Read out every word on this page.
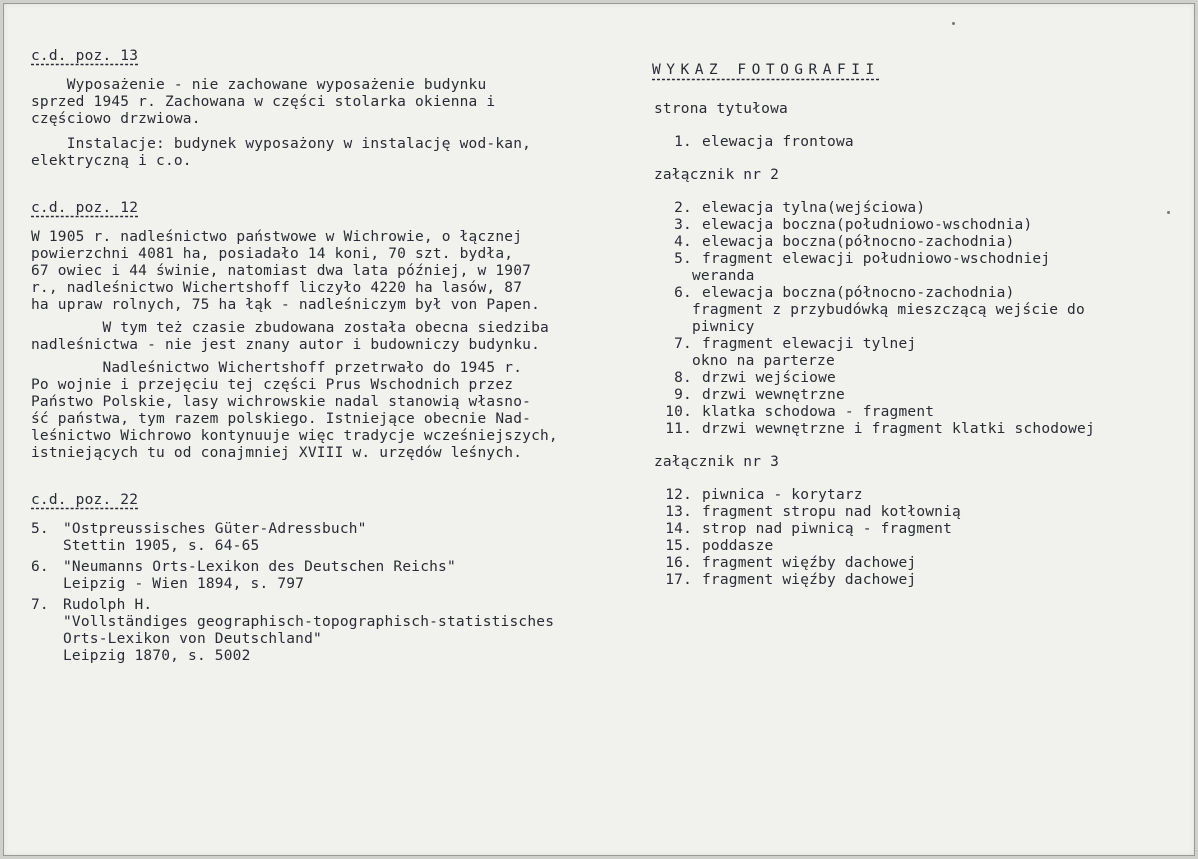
c.d. poz. 13
Wyposażenie - nie zachowane wyposażenie budynku
sprzed 1945 r. Zachowana w części stolarka okienna i
częściowo drzwiowa.
Instalacje: budynek wyposażony w instalację wod-kan,
elektryczną i c.o.
c.d. poz. 12
W 1905 r. nadleśnictwo państwowe w Wichrowie, o łącznej
powierzchni 4081 ha, posiadało 14 koni, 70 szt. bydła,
67 owiec i 44 świnie, natomiast dwa lata później, w 1907
r., nadleśnictwo Wichertshoff liczyło 4220 ha lasów, 87
ha upraw rolnych, 75 ha łąk - nadleśniczym był von Papen.
W tym też czasie zbudowana została obecna siedziba
nadleśnictwa - nie jest znany autor i budowniczy budynku.
Nadleśnictwo Wichertshoff przetrwało do 1945 r.
Po wojnie i przejęciu tej części Prus Wschodnich przez
Państwo Polskie, lasy wichrowskie nadal stanowią własno-
ść państwa, tym razem polskiego. Istniejące obecnie Nad-
leśnictwo Wichrowo kontynuuje więc tradycje wcześniejszych,
istniejących tu od conajmniej XVIII w. urzędów leśnych.
c.d. poz. 22
5. "Ostpreussisches Güter-Adressbuch"
Stettin 1905, s. 64-65
6. "Neumanns Orts-Lexikon des Deutschen Reichs"
Leipzig - Wien 1894, s. 797
7. Rudolph H.
"Vollständiges geographisch-topographisch-statistisches
Orts-Lexikon von Deutschland"
Leipzig 1870, s. 5002
WYKAZ FOTOGRAFII
strona tytułowa
1. elewacja frontowa
załącznik nr 2
2. elewacja tylna(wejściowa)
3. elewacja boczna(południowo-wschodnia)
4. elewacja boczna(północno-zachodnia)
5. fragment elewacji południowo-wschodniej
weranda
6. elewacja boczna(północno-zachodnia)
fragment z przybudówką mieszczącą wejście do
piwnicy
7. fragment elewacji tylnej
okno na parterze
8. drzwi wejściowe
9. drzwi wewnętrzne
10. klatka schodowa - fragment
11. drzwi wewnętrzne i fragment klatki schodowej
załącznik nr 3
12. piwnica - korytarz
13. fragment stropu nad kotłownią
14. strop nad piwnicą - fragment
15. poddasze
16. fragment więźby dachowej
17. fragment więźby dachowej
